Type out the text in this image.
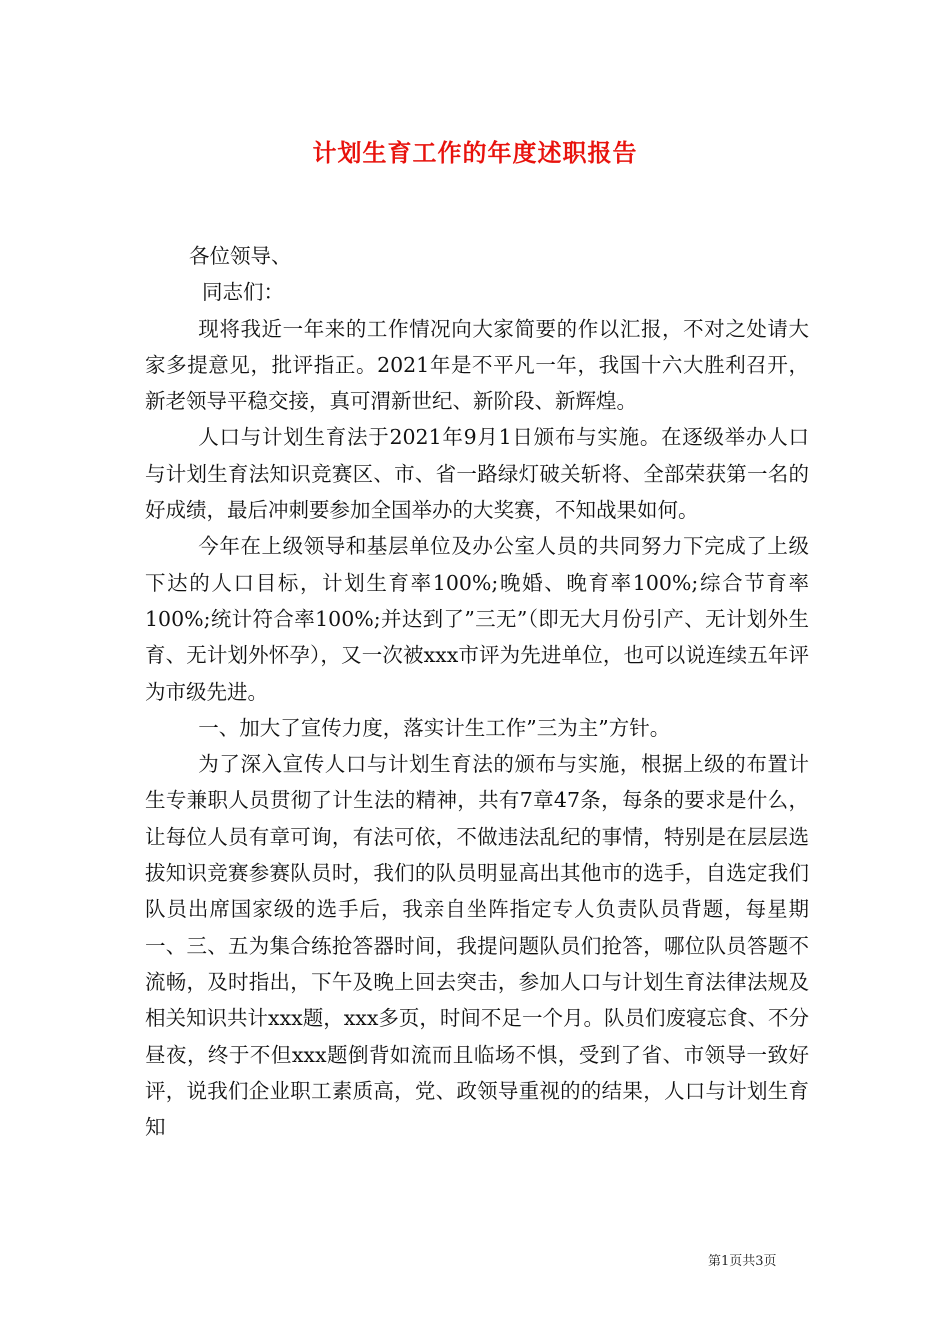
计划生育工作的年度述职报告

各位领导、

同志们：

现将我近一年来的工作情况向大家简要的作以汇报，不对之处请大家多提意见，批评指正。2021年是不平凡一年，我国十六大胜利召开，新老领导平稳交接，真可渭新世纪、新阶段、新辉煌。

人口与计划生育法于2021年9月1日颁布与实施。在逐级举办人口与计划生育法知识竞赛区、市、省一路绿灯破关斩将、全部荣获第一名的好成绩，最后冲刺要参加全国举办的大奖赛，不知战果如何。

今年在上级领导和基层单位及办公室人员的共同努力下完成了上级下达的人口目标，计划生育率100%;晚婚、晚育率100%;综合节育率100%;统计符合率100%;并达到了”三无”（即无大月份引产、无计划外生育、无计划外怀孕），又一次被xxx市评为先进单位，也可以说连续五年评为市级先进。

一、加大了宣传力度，落实计生工作”三为主”方针。

为了深入宣传人口与计划生育法的颁布与实施，根据上级的布置计生专兼职人员贯彻了计生法的精神，共有7章47条，每条的要求是什么，让每位人员有章可询，有法可依，不做违法乱纪的事情，特别是在层层选拔知识竞赛参赛队员时，我们的队员明显高出其他市的选手，自选定我们队员出席国家级的选手后，我亲自坐阵指定专人负责队员背题，每星期一、三、五为集合练抢答器时间，我提问题队员们抢答，哪位队员答题不流畅，及时指出，下午及晚上回去突击，参加人口与计划生育法律法规及相关知识共计xxx题，xxx多页，时间不足一个月。队员们废寝忘食、不分昼夜，终于不但xxx题倒背如流而且临场不惧，受到了省、市领导一致好评，说我们企业职工素质高，党、政领导重视的的结果，人口与计划生育知

第1页共3页
